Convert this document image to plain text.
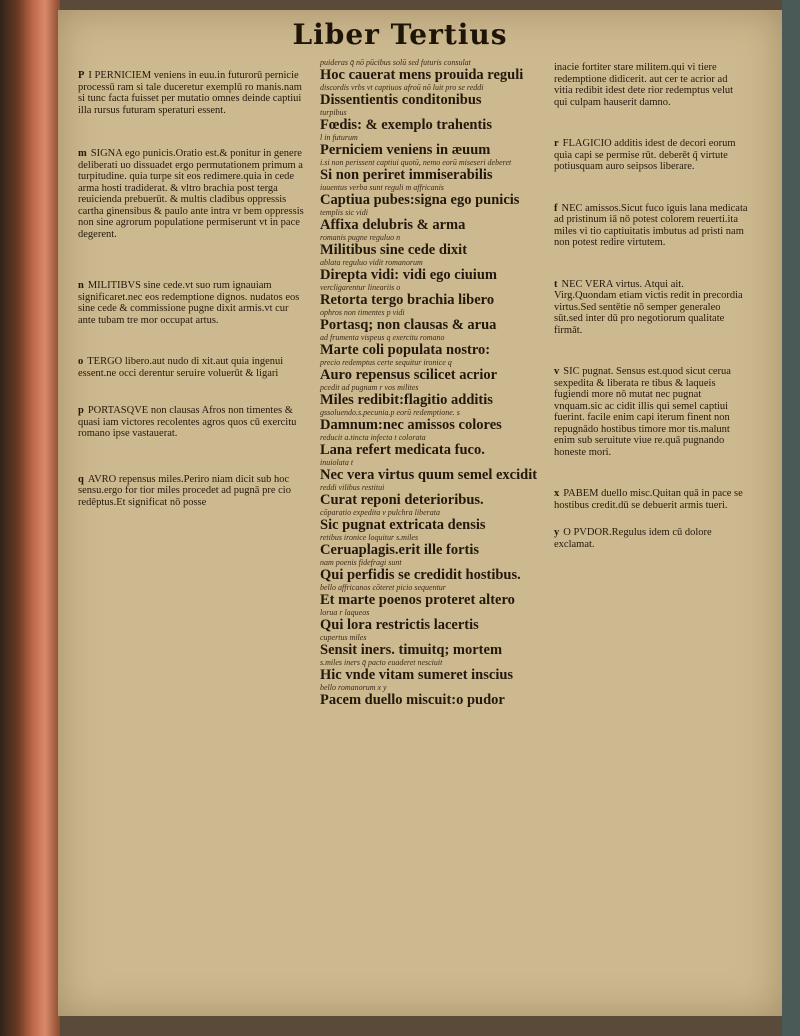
Liber Tertius
P I PERNICIEM veniens in euu.in futurorū pernicie processū ram si tale duceretur exemplū ro manis.nam si tunc facta fuisset per mutatio omnes deinde captiui illa rursus futuram speraturi essent.
m SIGNA ego punicis.Oratio est.& ponitur in genere deliberati uo dissuadet ergo permutationem primum a turpitudine. quia turpe sit eos redimere.quia in cede arma hosti tradiderat. & vltro brachia post terga reuicienda prebuerūt. & multis cladibus oppressis cartha ginensibus & paulo ante intra vr bem oppressis non sine agrorum populatione permiserunt vt in pace degerent.
n MILITIBVS sine cede.vt suo rum ignauiam significaret.nec eos redemptione dignos. nudatos eos sine cede & commissione pugne dixit armis.vt cur ante tubam tre mor occupat artus.
o TERGO libero.aut nudo di xit.aut quia ingenui essent.ne occi derentur seruire voluerūt & ligari
p PORTASQVE non clausas Afros non timentes & quasi iam victores recolentes agros quos cū exercitu romano ipse vastauerat.
q AVRO repensus miles.Periro niam dicit sub hoc sensu.ergo for tior miles procedet ad pugnā pre cio redēptus.Et significat nō posse
puideras q̄ nō pūcibus solū sed futuris consulat
Hoc cauerat mens prouida reguli
discordis vrbs vt captiuos afroū nō luit pro se reddi
Dissentientis conditonibus
turpibus
Fœdis: & exemplo trahentis
l in futurum
Perniciem veniens in æuum
i.si non perissent captiui quotū, nemo eorū miseseri deberet
Si non periret immiserabilis
iuuentus verba sunt reguli m affricanis
Captiua pubes:signa ego punicis
templis sic vidi
Affixa delubris & arma
romanis pugne reguluo n
Militibus sine cede dixit
ablata reguluo vidit romanorum
Direpta vidi: vidi ego ciuium
vercligarentur lineariis o
Retorta tergo brachia libero
ophros non timentes p vidi
Portasq; non clausas & arua
ad frumenta vispeus q exercitu romano
Marte coli populata nostro:
precio redemptus certe sequitur ironice q
Auro repensus scilicet acrior
pcedit ad pugnam r vos milites
Miles redibit:flagitio additis
gssoluendo.s.pecunia.p eorū redemptione. s
Damnum:nec amissos colores
reducit a.tincta infecta t colorata
Lana refert medicata fuco.
inuiolata t
Nec vera virtus quum semel excidit
reddi vilibus restitui
Curat reponi deterioribus.
cōparatio expedita v pulchra liberata
Sic pugnat extricata densis
retibus ironice loquitur s.miles
Ceruaplagis.erit ille fortis
nam poenis fidefragi sunt
Qui perfidis se credidit hostibus.
bello affricanos cōteret picio sequentur
Et marte poenos proteret altero
lorua r laqueos
Qui lora restrictis lacertis
cupertus miles
Sensit iners. timuitq; mortem
s.miles iners q̄ pacto euaderet nesciuit
Hic vnde vitam sumeret inscius
bello romanorum x y
Pacem duello miscuit:o pudor
inacie fortiter stare militem.qui vi tiere redemptione didicerit. aut cer te acrior ad vitia redibit idest dete rior redemptus velut qui culpam hauserit damno.
r FLAGICIO additis idest de decori eorum quia capi se permise rūt. deberēt q̄ virtute potiusquam auro seipsos liberare.
f NEC amissos.Sicut fuco iguis lana medicata ad pristinum iā nō potest colorem reuerti.ita miles vi tio captiuitatis imbutus ad pristi nam non potest redire virtutem.
t NEC VERA virtus. Atqui ait. Virg.Quondam etiam victis redit in precordia virtus.Sed sentētie nō semper generaleo sūt.sed inter dū pro negotiorum qualitate firmāt.
v SIC pugnat. Sensus est.quod sicut cerua sexpedita & liberata re tibus & laqueis fugiendi more nō mutat nec pugnat vnquam.sic ac cidit illis qui semel captiui fuerint. facile enim capi iterum finent non repugnādo hostibus timore mor tis.malunt enim sub seruitute viue re.quā pugnando honeste mori.
x PABEM duello misc.Quitan quā in pace se hostibus credit.dū se debuerit armis tueri.
y O PVDOR.Regulus idem cū dolore exclamat.
